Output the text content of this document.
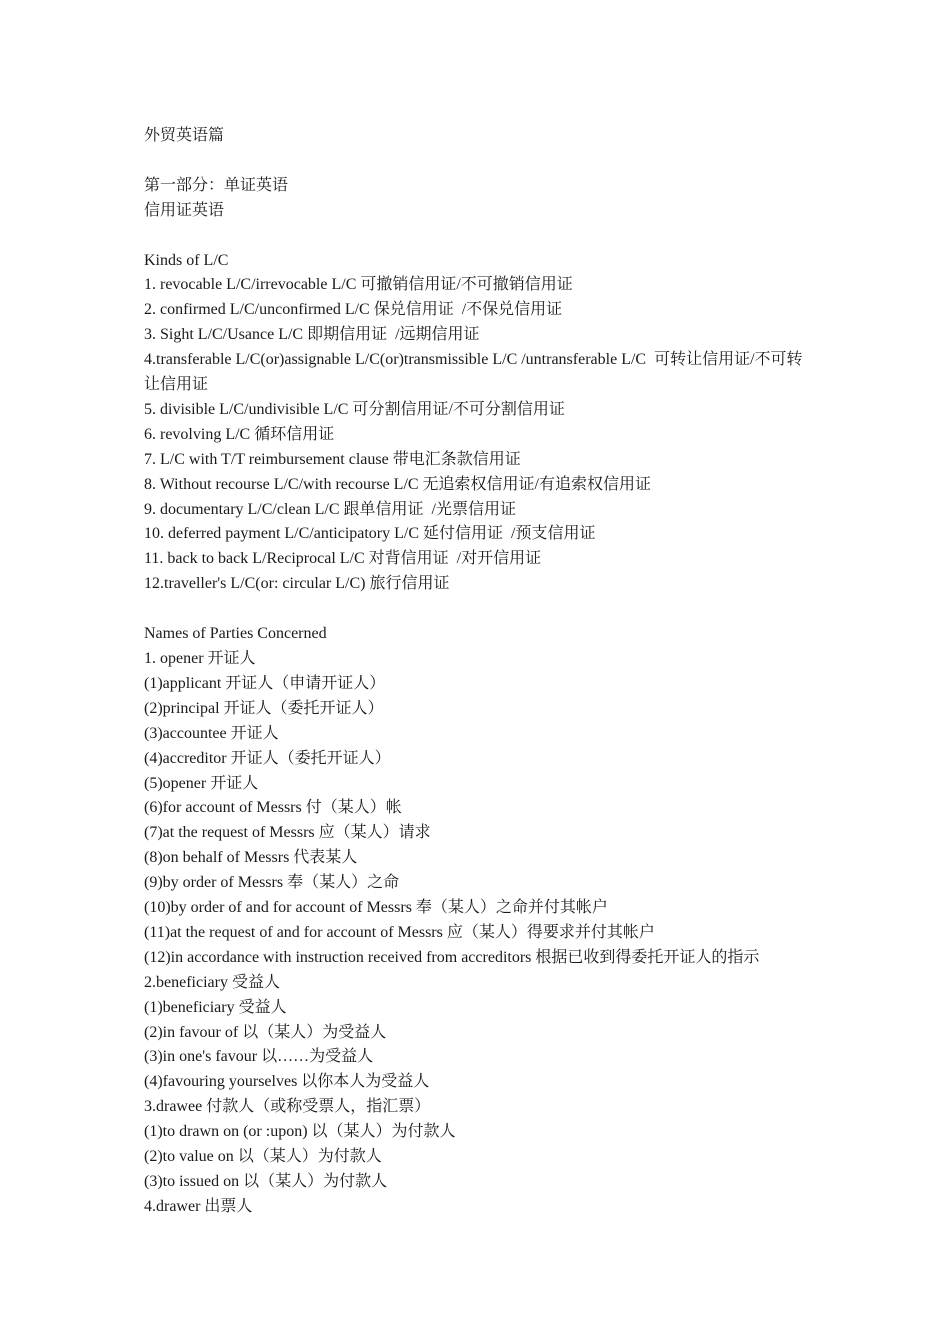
外贸英语篇

第一部分：单证英语

信用证英语

Kinds of L/C

1. revocable L/C/irrevocable L/C 可撤销信用证/不可撤销信用证

2. confirmed L/C/unconfirmed L/C 保兑信用证  /不保兑信用证

3. Sight L/C/Usance L/C 即期信用证  /远期信用证

4.transferable L/C(or)assignable L/C(or)transmissible L/C /untransferable L/C  可转让信用证/不可转让信用证

5. divisible L/C/undivisible L/C 可分割信用证/不可分割信用证

6. revolving L/C 循环信用证

7. L/C with T/T reimbursement clause 带电汇条款信用证

8. Without recourse L/C/with recourse L/C 无追索权信用证/有追索权信用证

9. documentary L/C/clean L/C 跟单信用证  /光票信用证

10. deferred payment L/C/anticipatory L/C 延付信用证  /预支信用证

11. back to back L/Reciprocal L/C 对背信用证  /对开信用证

12.traveller's L/C(or: circular L/C) 旅行信用证

Names of Parties Concerned

1. opener 开证人

(1)applicant 开证人（申请开证人）

(2)principal 开证人（委托开证人）

(3)accountee 开证人

(4)accreditor 开证人（委托开证人）

(5)opener 开证人

(6)for account of Messrs 付（某人）帐

(7)at the request of Messrs 应（某人）请求

(8)on behalf of Messrs 代表某人

(9)by order of Messrs 奉（某人）之命

(10)by order of and for account of Messrs 奉（某人）之命并付其帐户

(11)at the request of and for account of Messrs 应（某人）得要求并付其帐户

(12)in accordance with instruction received from accreditors 根据已收到得委托开证人的指示

2.beneficiary 受益人

(1)beneficiary 受益人

(2)in favour of 以（某人）为受益人

(3)in one's favour 以……为受益人

(4)favouring yourselves 以你本人为受益人

3.drawee 付款人（或称受票人，指汇票）

(1)to drawn on (or :upon) 以（某人）为付款人

(2)to value on 以（某人）为付款人

(3)to issued on 以（某人）为付款人

4.drawer 出票人
